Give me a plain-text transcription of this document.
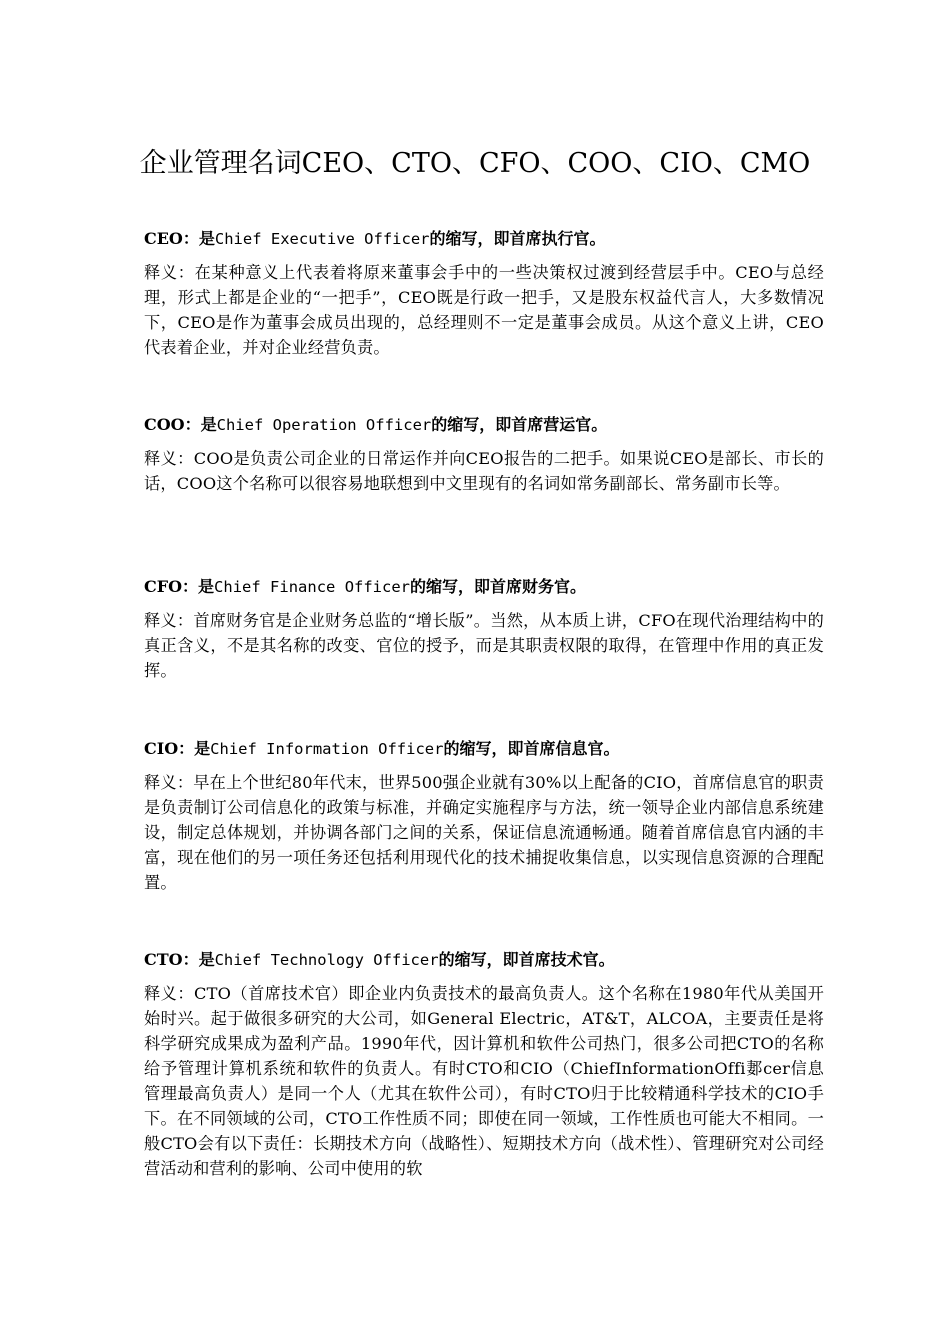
企业管理名词CEO、CTO、CFO、COO、CIO、CMO

CEO：是Chief Executive Officer的缩写，即首席执行官。

释义：在某种意义上代表着将原来董事会手中的一些决策权过渡到经营层手中。CEO与总经理，形式上都是企业的“一把手”，CEO既是行政一把手，又是股东权益代言人，大多数情况下，CEO是作为董事会成员出现的，总经理则不一定是董事会成员。从这个意义上讲，CEO代表着企业，并对企业经营负责。

COO：是Chief Operation Officer的缩写，即首席营运官。

释义：COO是负责公司企业的日常运作并向CEO报告的二把手。如果说CEO是部长、市长的话，COO这个名称可以很容易地联想到中文里现有的名词如常务副部长、常务副市长等。

CFO：是Chief Finance Officer的缩写，即首席财务官。

释义：首席财务官是企业财务总监的“增长版”。当然，从本质上讲，CFO在现代治理结构中的真正含义，不是其名称的改变、官位的授予，而是其职责权限的取得，在管理中作用的真正发挥。

CIO：是Chief Information Officer的缩写，即首席信息官。

释义：早在上个世纪80年代末，世界500强企业就有30%以上配备的CIO，首席信息官的职责是负责制订公司信息化的政策与标准，并确定实施程序与方法，统一领导企业内部信息系统建设，制定总体规划，并协调各部门之间的关系，保证信息流通畅通。随着首席信息官内涵的丰富，现在他们的另一项任务还包括利用现代化的技术捕捉收集信息，以实现信息资源的合理配置。

CTO：是Chief Technology Officer的缩写，即首席技术官。

释义：CTO（首席技术官）即企业内负责技术的最高负责人。这个名称在1980年代从美国开始时兴。起于做很多研究的大公司，如General Electric，AT&T，ALCOA，主要责任是将科学研究成果成为盈利产品。1990年代，因计算机和软件公司热门，很多公司把CTO的名称给予管理计算机系统和软件的负责人。有时CTO和CIO（ChiefInformationOffi郪cer信息管理最高负责人）是同一个人（尤其在软件公司），有时CTO归于比较精通科学技术的CIO手下。在不同领域的公司，CTO工作性质不同；即使在同一领域，工作性质也可能大不相同。一般CTO会有以下责任：长期技术方向（战略性）、短期技术方向（战术性）、管理研究对公司经营活动和营利的影响、公司中使用的软
